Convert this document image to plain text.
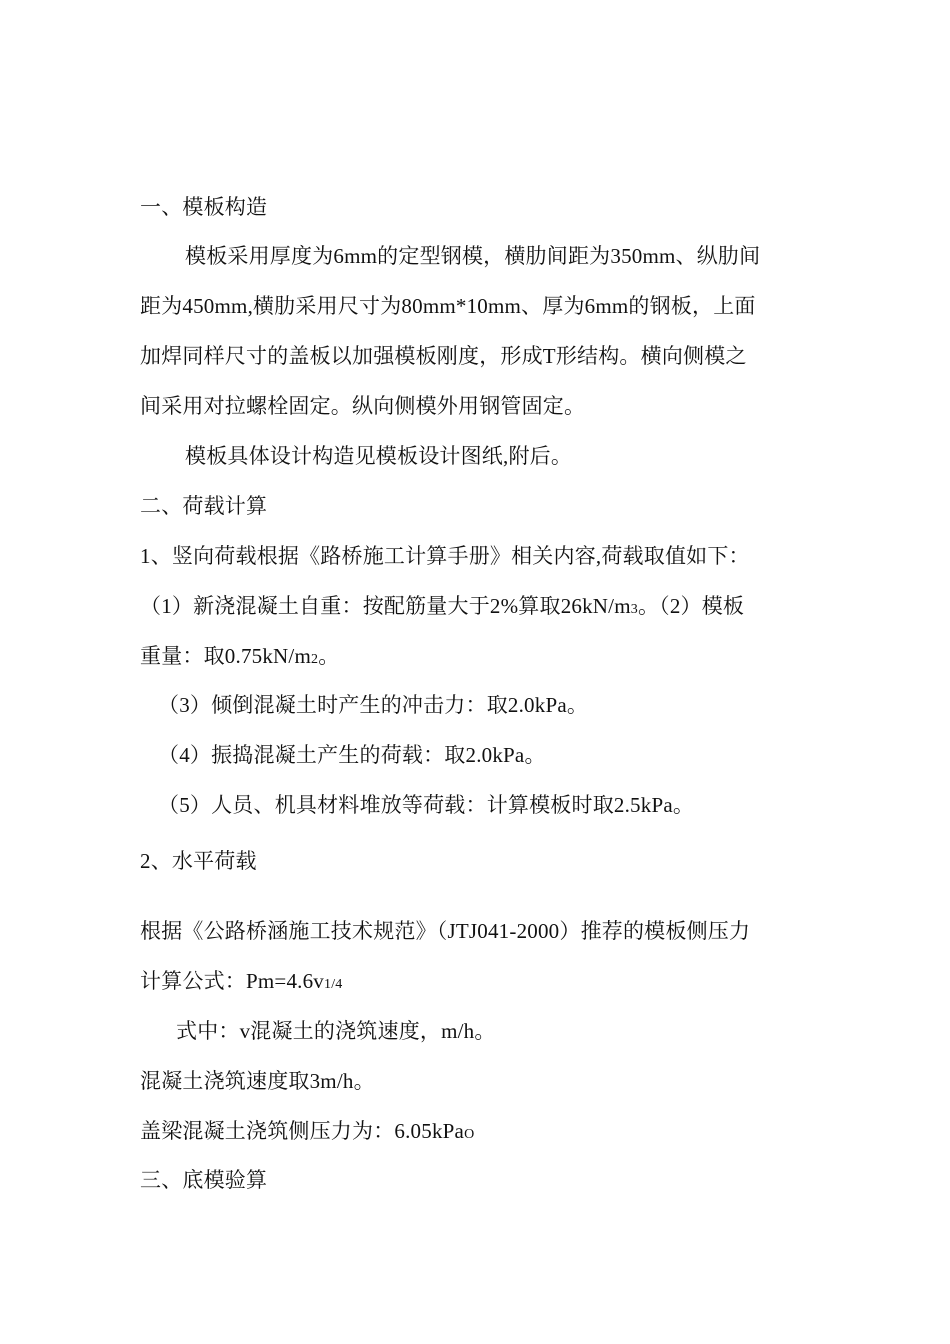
一、模板构造
模板采用厚度为6mm的定型钢模，横肋间距为350mm、纵肋间
距为450mm,横肋采用尺寸为80mm*10mm、厚为6mm的钢板，上面
加焊同样尺寸的盖板以加强模板刚度，形成T形结构。横向侧模之
间采用对拉螺栓固定。纵向侧模外用钢管固定。
模板具体设计构造见模板设计图纸,附后。
二、荷载计算
1、竖向荷载根据《路桥施工计算手册》相关内容,荷载取值如下：
（1）新浇混凝土自重：按配筋量大于2%算取26kN/m3。（2）模板
重量：取0.75kN/m2。
（3）倾倒混凝土时产生的冲击力：取2.0kPa。
（4）振捣混凝土产生的荷载：取2.0kPa。
（5）人员、机具材料堆放等荷载：计算模板时取2.5kPa。
2、水平荷载
根据《公路桥涵施工技术规范》（JTJ041-2000）推荐的模板侧压力
计算公式：Pm=4.6v1/4
式中：v混凝土的浇筑速度，m/h。
混凝土浇筑速度取3m/h。
盖梁混凝土浇筑侧压力为：6.05kPaO
三、底模验算
